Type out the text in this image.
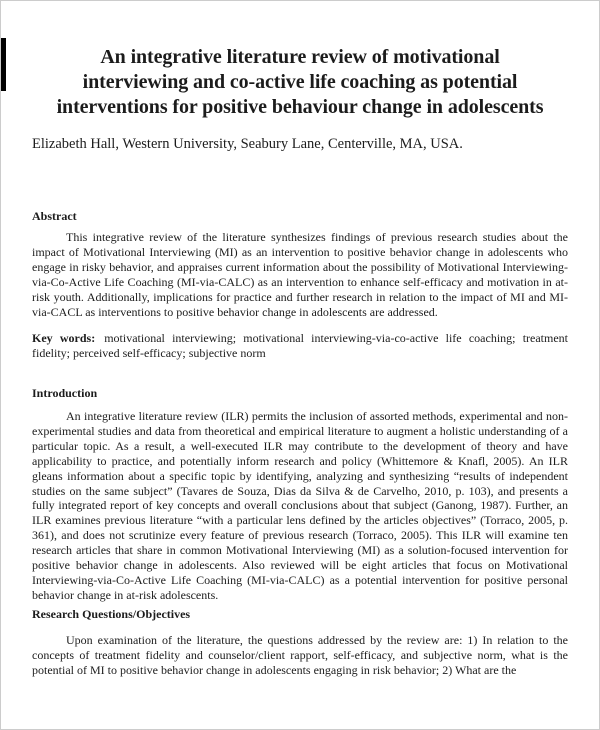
An integrative literature review of motivational
interviewing and co-active life coaching as potential
interventions for positive behaviour change in adolescents
Elizabeth Hall, Western University, Seabury Lane, Centerville, MA, USA.
Abstract
This integrative review of the literature synthesizes findings of previous research studies about the impact of Motivational Interviewing (MI) as an intervention to positive behavior change in adolescents who engage in risky behavior, and appraises current information about the possibility of Motivational Interviewing-via-Co-Active Life Coaching (MI-via-CALC) as an intervention to enhance self-efficacy and motivation in at-risk youth. Additionally, implications for practice and further research in relation to the impact of MI and MI-via-CACL as interventions to positive behavior change in adolescents are addressed.
Key words: motivational interviewing; motivational interviewing-via-co-active life coaching; treatment fidelity; perceived self-efficacy; subjective norm
Introduction
An integrative literature review (ILR) permits the inclusion of assorted methods, experimental and non-experimental studies and data from theoretical and empirical literature to augment a holistic understanding of a particular topic. As a result, a well-executed ILR may contribute to the development of theory and have applicability to practice, and potentially inform research and policy (Whittemore & Knafl, 2005). An ILR gleans information about a specific topic by identifying, analyzing and synthesizing “results of independent studies on the same subject” (Tavares de Souza, Dias da Silva & de Carvelho, 2010, p. 103), and presents a fully integrated report of key concepts and overall conclusions about that subject (Ganong, 1987). Further, an ILR examines previous literature “with a particular lens defined by the articles objectives” (Torraco, 2005, p. 361), and does not scrutinize every feature of previous research (Torraco, 2005). This ILR will examine ten research articles that share in common Motivational Interviewing (MI) as a solution-focused intervention for positive behavior change in adolescents. Also reviewed will be eight articles that focus on Motivational Interviewing-via-Co-Active Life Coaching (MI-via-CALC) as a potential intervention for positive personal behavior change in at-risk adolescents.
Research Questions/Objectives
Upon examination of the literature, the questions addressed by the review are: 1) In relation to the concepts of treatment fidelity and counselor/client rapport, self-efficacy, and subjective norm, what is the potential of MI to positive behavior change in adolescents engaging in risk behavior; 2) What are the
